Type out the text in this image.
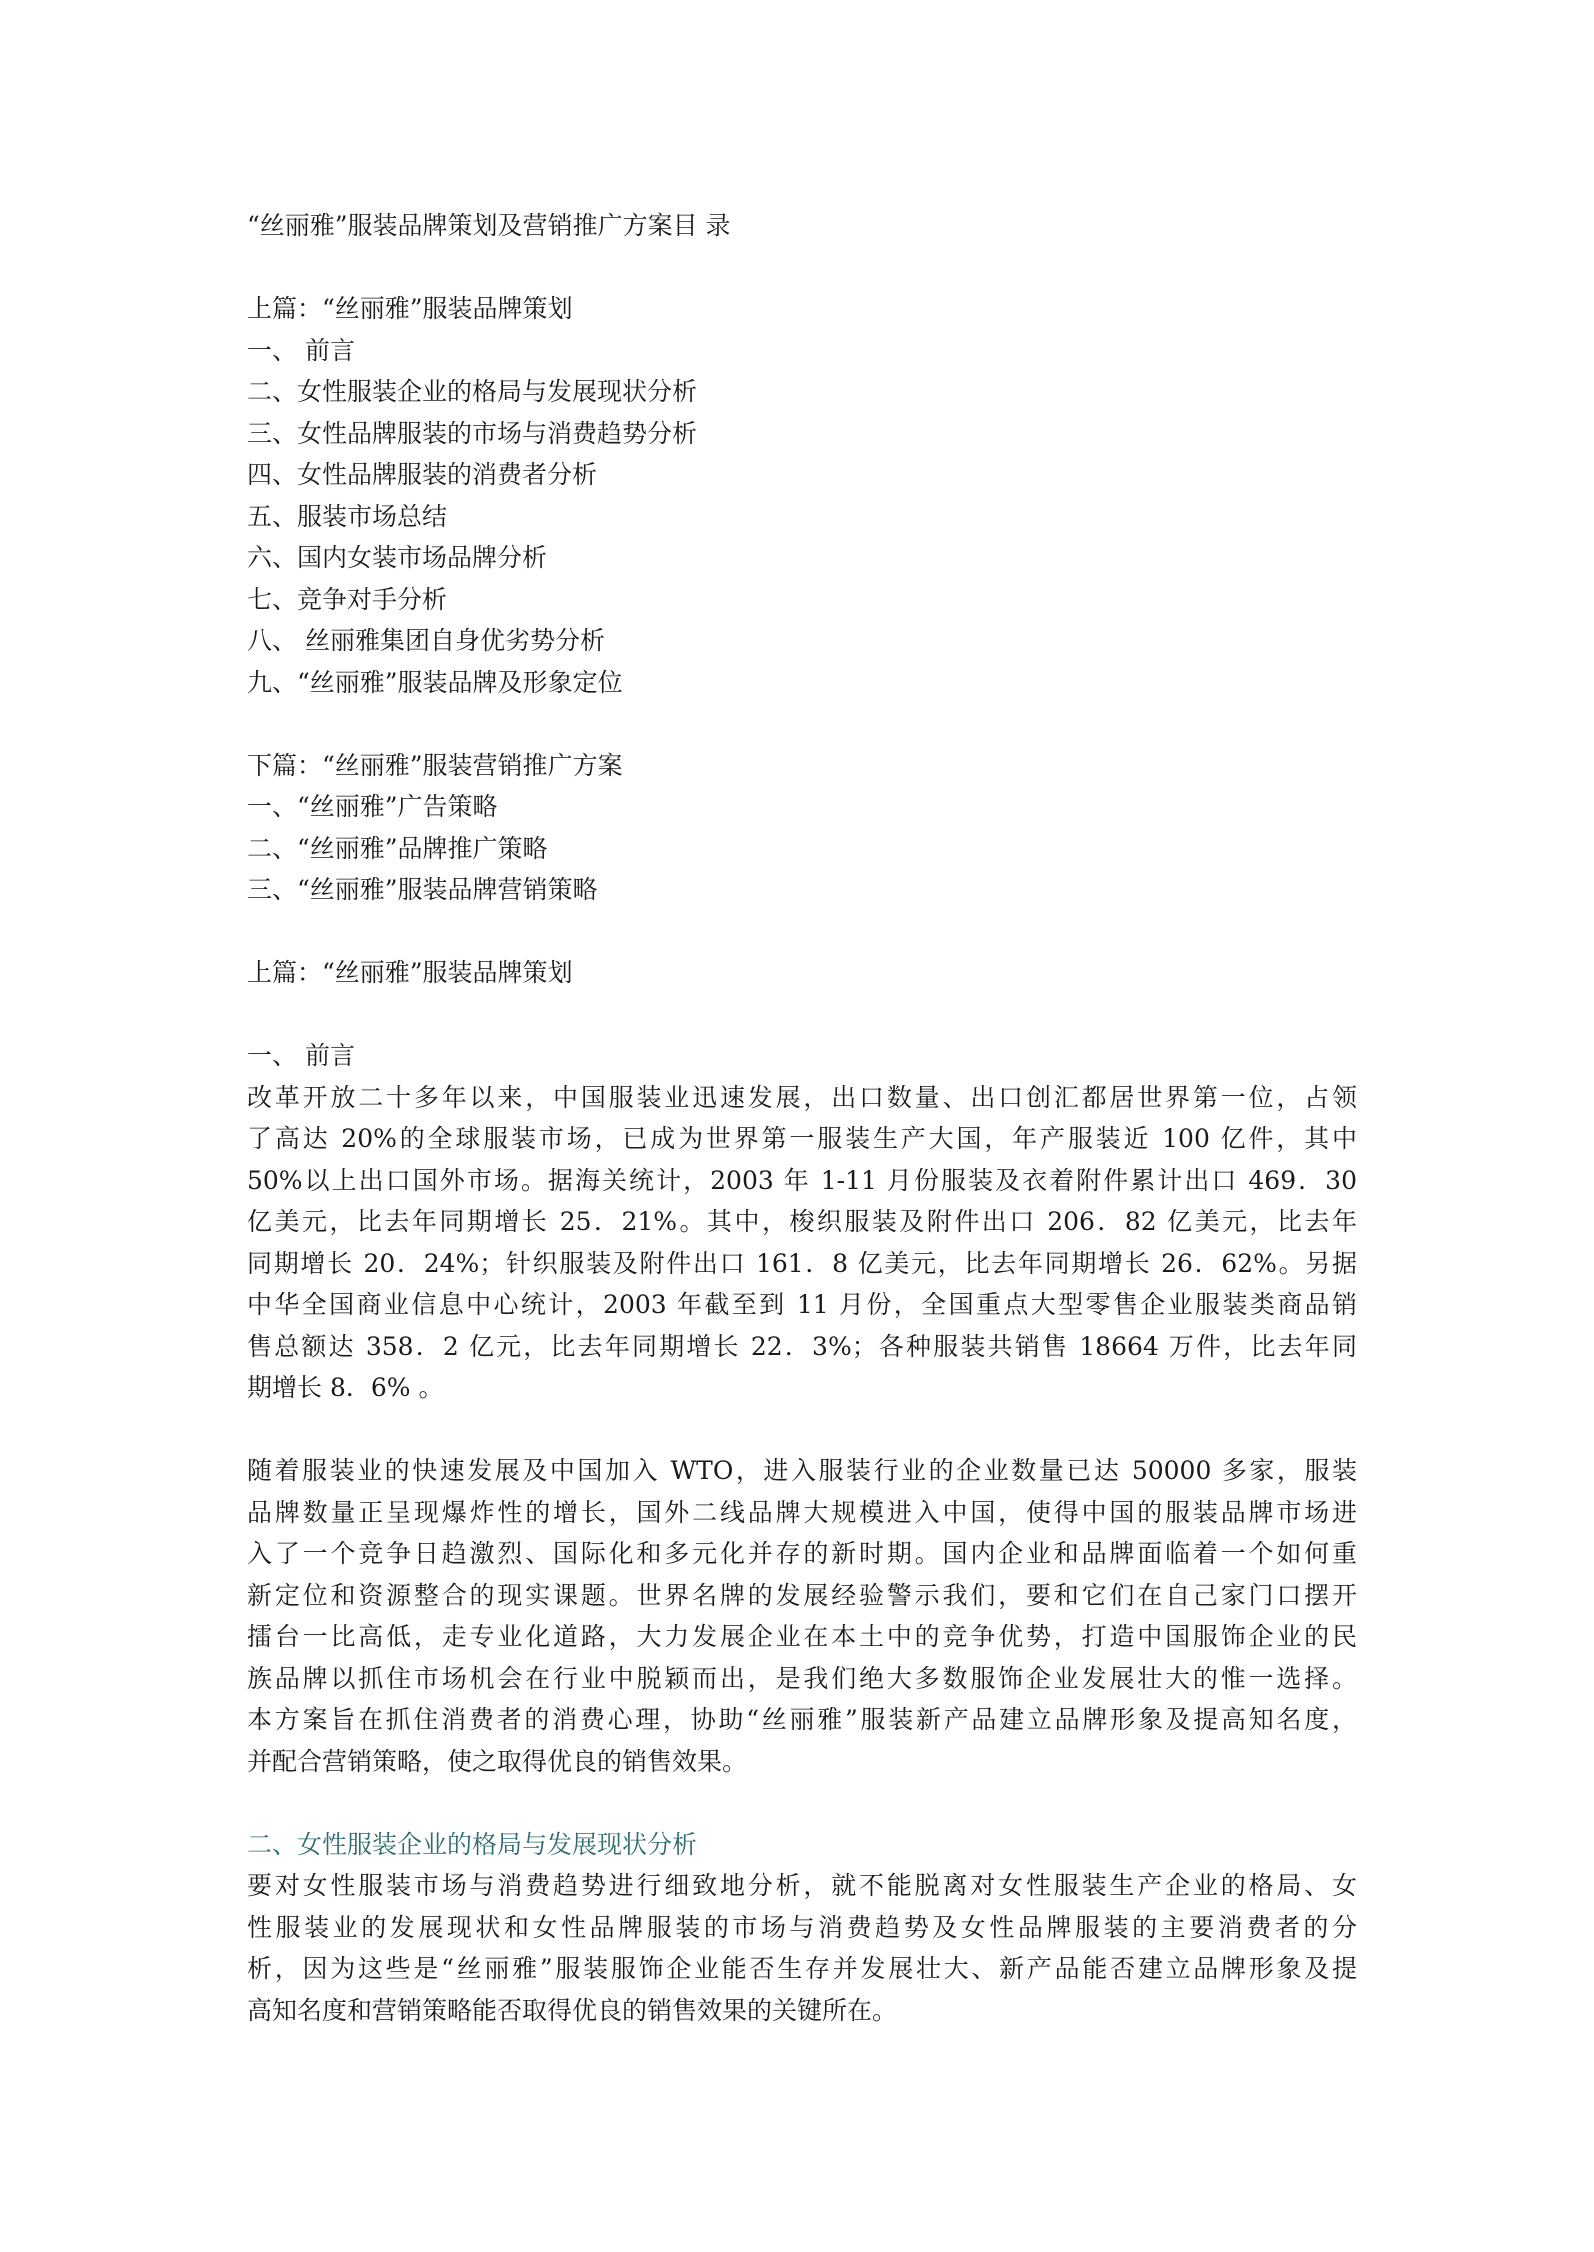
“丝丽雅”服装品牌策划及营销推广方案目 录
上篇：“丝丽雅”服装品牌策划
一、 前言
二、女性服装企业的格局与发展现状分析
三、女性品牌服装的市场与消费趋势分析
四、女性品牌服装的消费者分析
五、服装市场总结
六、国内女装市场品牌分析
七、竞争对手分析
八、 丝丽雅集团自身优劣势分析
九、“丝丽雅”服装品牌及形象定位
下篇：“丝丽雅”服装营销推广方案
一、“丝丽雅”广告策略
二、“丝丽雅”品牌推广策略
三、“丝丽雅”服装品牌营销策略
上篇：“丝丽雅”服装品牌策划
一、 前言
改革开放二十多年以来，中国服装业迅速发展，出口数量、出口创汇都居世界第一位，占领
了高达 20%的全球服装市场，已成为世界第一服装生产大国，年产服装近 100 亿件，其中
50%以上出口国外市场。据海关统计，2003 年 1-11 月份服装及衣着附件累计出口 469．30
亿美元，比去年同期增长 25．21%。其中，梭织服装及附件出口 206．82 亿美元，比去年
同期增长 20．24%；针织服装及附件出口 161．8 亿美元，比去年同期增长 26．62%。另据
中华全国商业信息中心统计，2003 年截至到 11 月份，全国重点大型零售企业服装类商品销
售总额达 358．2 亿元，比去年同期增长 22．3%；各种服装共销售 18664 万件，比去年同
期增长 8．6% 。
随着服装业的快速发展及中国加入 WTO，进入服装行业的企业数量已达 50000 多家，服装
品牌数量正呈现爆炸性的增长，国外二线品牌大规模进入中国，使得中国的服装品牌市场进
入了一个竞争日趋激烈、国际化和多元化并存的新时期。国内企业和品牌面临着一个如何重
新定位和资源整合的现实课题。世界名牌的发展经验警示我们，要和它们在自己家门口摆开
擂台一比高低，走专业化道路，大力发展企业在本土中的竞争优势，打造中国服饰企业的民
族品牌以抓住市场机会在行业中脱颖而出，是我们绝大多数服饰企业发展壮大的惟一选择。
本方案旨在抓住消费者的消费心理，协助“丝丽雅”服装新产品建立品牌形象及提高知名度，
并配合营销策略，使之取得优良的销售效果。
二、女性服装企业的格局与发展现状分析
要对女性服装市场与消费趋势进行细致地分析，就不能脱离对女性服装生产企业的格局、女
性服装业的发展现状和女性品牌服装的市场与消费趋势及女性品牌服装的主要消费者的分
析，因为这些是“丝丽雅”服装服饰企业能否生存并发展壮大、新产品能否建立品牌形象及提
高知名度和营销策略能否取得优良的销售效果的关键所在。
